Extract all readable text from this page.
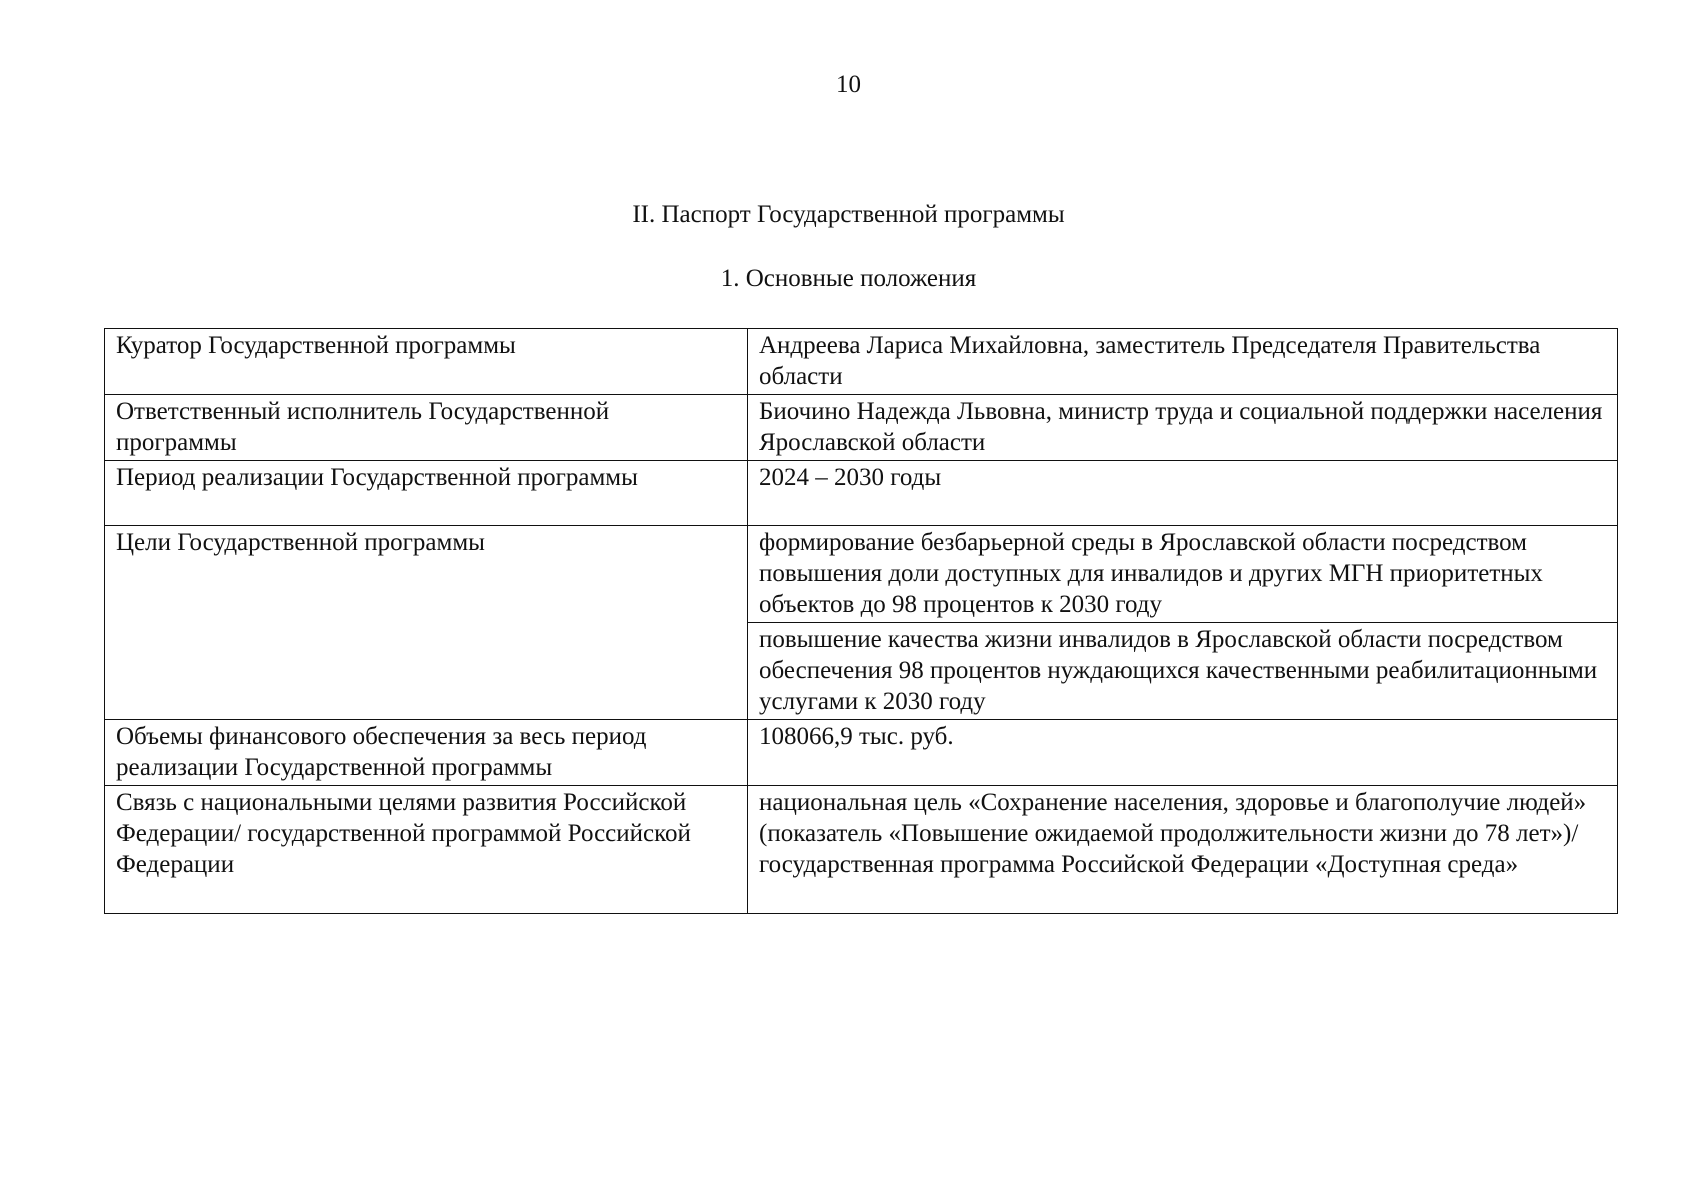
10
II. Паспорт Государственной программы
1. Основные положения
Куратор Государственной программы	Андреева Лариса Михайловна, заместитель Председателя Правительства области
Ответственный исполнитель Государственной программы	Биочино Надежда Львовна, министр труда и социальной поддержки населения Ярославской области
Период реализации Государственной программы	2024 – 2030 годы
Цели Государственной программы	формирование безбарьерной среды в Ярославской области посредством повышения доли доступных для инвалидов и других МГН приоритетных объектов до 98 процентов к 2030 году
	повышение качества жизни инвалидов в Ярославской области посредством обеспечения 98 процентов нуждающихся качественными реабилитационными услугами к 2030 году
Объемы финансового обеспечения за весь период реализации Государственной программы	108066,9 тыс. руб.
Связь с национальными целями развития Российской Федерации/ государственной программой Российской Федерации	национальная цель «Сохранение населения, здоровье и благополучие людей» (показатель «Повышение ожидаемой продолжительности жизни до 78 лет»)/ государственная программа Российской Федерации «Доступная среда»
